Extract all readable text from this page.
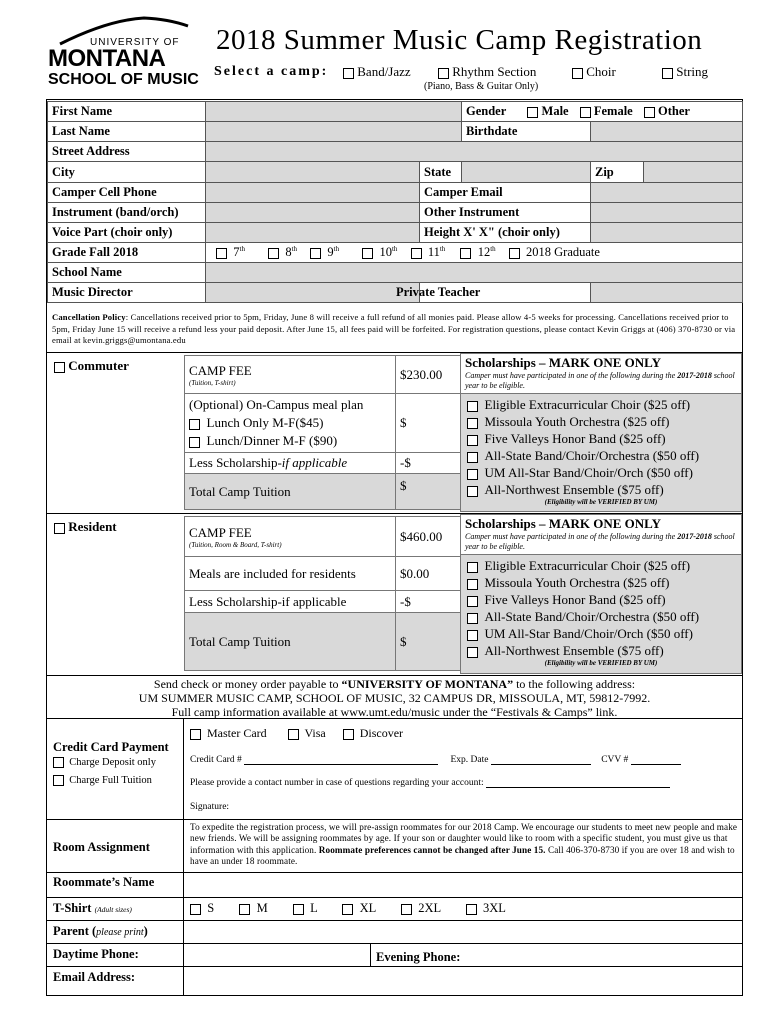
UNIVERSITY OF
MONTANA
SCHOOL OF MUSIC
2018 Summer Music Camp Registration
Select a camp:	Band/Jazz	Rhythm Section
(Piano, Bass & Guitar Only)
Choir	String
First Name			Gender Male Female Other	
Last Name			Birthdate	
Street Address				
City		State		Zip

Camper Cell Phone		Camper Email		
Instrument (band/orch)		Other Instrument		
Voice Part (choir only)		Height X' X" (choir only)		
Grade Fall 2018	7th 8th 9th 10th 11th 12th 2018 Graduate			
School Name				
Music Director		Private Teacher		
Cancellation Policy: Cancellations received prior to 5pm, Friday, June 8 will receive a full refund of all monies paid. Please allow 4-5 weeks for processing. Cancellations received prior to 5pm, Friday June 15 will receive a refund less your paid deposit. After June 15, all fees paid will be forfeited. For registration questions, please contact Kevin Griggs at (406) 370-8730 or via email at kevin.griggs@umontana.edu
Commuter	CAMP FEE
(Tuition, T-shirt)	$230.00

(Optional) On-Campus meal plan
Lunch Only M-F($45)
Lunch/Dinner M-F ($90)	$
Less Scholarship-if applicable	-$
Total Camp Tuition	$
Scholarships – MARK ONE ONLY
Camper must have participated in one of the following during the 2017-2018 school year to be eligible.
Eligible Extracurricular Choir ($25 off)
Missoula Youth Orchestra ($25 off)
Five Valleys Honor Band ($25 off)
All-State Band/Choir/Orchestra ($50 off)
UM All-Star Band/Choir/Orch ($50 off)
All-Northwest Ensemble ($75 off)
(Eligibility will be VERIFIED BY UM)
Resident	CAMP FEE
(Tuition, Room & Board, T-shirt)	$460.00
Meals are included for residents	$0.00
Less Scholarship-if applicable	-$
Total Camp Tuition	$
Scholarships – MARK ONE ONLY
Camper must have participated in one of the following during the 2017-2018 school year to be eligible.
Eligible Extracurricular Choir ($25 off)
Missoula Youth Orchestra ($25 off)
Five Valleys Honor Band ($25 off)
All-State Band/Choir/Orchestra ($50 off)
UM All-Star Band/Choir/Orch ($50 off)
All-Northwest Ensemble ($75 off)
(Eligibility will be VERIFIED BY UM)
Send check or money order payable to “UNIVERSITY OF MONTANA” to the following address:
UM SUMMER MUSIC CAMP, SCHOOL OF MUSIC, 32 CAMPUS DR, MISSOULA, MT, 59812-7992.
Full camp information available at www.umt.edu/music under the “Festivals & Camps” link.
Credit Card Payment
Charge Deposit only
Charge Full Tuition
Master Card	Visa	Discover
Credit Card #	Exp. Date	CVV #
Please provide a contact number in case of questions regarding your account:
Signature:
Room Assignment
To expedite the registration process, we will pre-assign roommates for our 2018 Camp. We encourage our students to meet new people and make new friends. We will be assigning roommates by age. If your son or daughter would like to room with a specific student, you must give us that information with this application. Roommate preferences cannot be changed after June 15. Call 406-370-8730 if you are over 18 and wish to have an under 18 roommate.
Roommate’s Name
T-Shirt (Adult sizes)	S	M	L	XL	2XL	3XL
Parent (please print)
Daytime Phone:	Evening Phone:
Email Address:
